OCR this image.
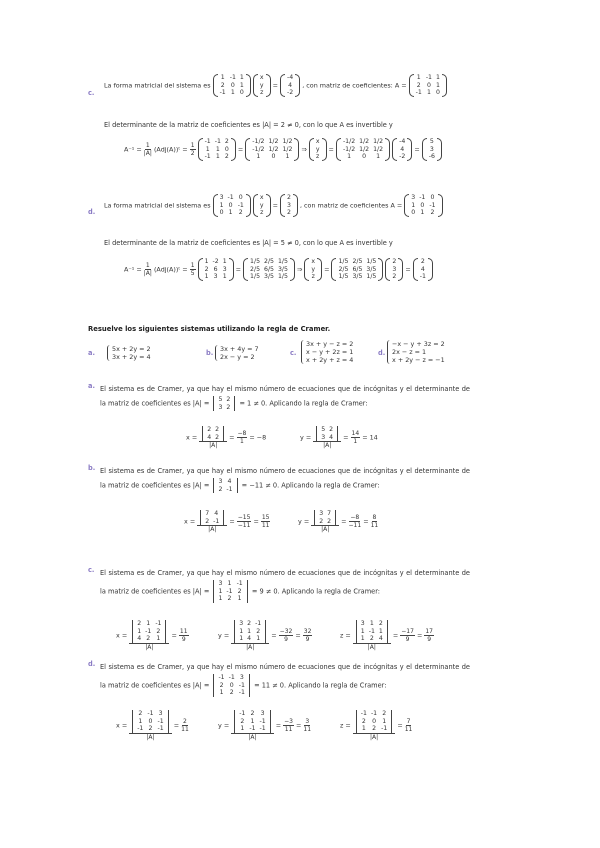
c.
La forma matricial del sistema es
1	-1	1
2	0	1
-1	1	0

x
y
z
=
-4
4
-2
, con matriz de coeficientes: A =
1	-1	1
2	0	1
-1	1	0
El determinante de la matriz de coeficientes es |A| = 2 ≠ 0, con lo que A es invertible y
$A^{-1} = \frac{1}{|A|}$ (Adj(A))ᵗ = $\frac{1}{2}$

-1	-1	2
1	1	0
-1	1	2
=
-1/2	1/2	1/2
-1/2	1/2	1/2
1	0	1
⇒
x
y
z
=
-1/2	1/2	1/2
-1/2	1/2	1/2
1	0	1

-4
4
-2
=
5
3
-6
d.
La forma matricial del sistema es
3	-1	0
1	0	-1
0	1	2

x
y
z
=
2
3
2
, con matriz de coeficientes A =
3	-1	0
1	0	-1
0	1	2
El determinante de la matriz de coeficientes es |A| = 5 ≠ 0, con lo que A es invertible y
$A^{-1} = \frac{1}{|A|}$ (Adj(A))ᵗ = $\frac{1}{5}$

1	-2	1
2	6	3
1	3	1
=
1/5	2/5	1/5
2/5	6/5	3/5
1/5	3/5	1/5
⇒
x
y
z
=
1/5	2/5	1/5
2/5	6/5	3/5
1/5	3/5	1/5

2
3
2
=
2
4
-1
Resuelve los siguientes sistemas utilizando la regla de Cramer.
a.	5x + 2y = 2
3x + 2y = 4	b. 3x + 4y = 7
2x − y = 2	c.
3x + y − z = 2
x − y + 2z = 1
x + 2y + z = 4
d.
−x − y + 3z = 2
2x − z = 1
x + 2y − z = −1
a. El sistema es de Cramer, ya que hay el mismo número de ecuaciones que de incógnitas y el determinante de la matriz de coeficientes es |A| = 5	2
3	2 = 1 ≠ 0. Aplicando la regla de Cramer:
x = 2	2
4	2
$|A| = \frac{-8}{1} = -8$	y = 5	2
3	4
$|A| = \frac{14}{1} = 14$
b. El sistema es de Cramer, ya que hay el mismo número de ecuaciones que de incógnitas y el determinante de la matriz de coeficientes es |A| = 3	4
2	-1 = −11 ≠ 0. Aplicando la regla de Cramer:
x = 7	4
2	-1
$|A| = \frac{-15}{-11} = \frac{15}{11}$	y = 3	7
2	2
$|A| = \frac{-8}{-11} = \frac{8}{11}$
c. El sistema es de Cramer, ya que hay el mismo número de ecuaciones que de incógnitas y el determinante de la matriz de coeficientes es |A| =
3	1	-1
1	-1	2
1	2	1
= 9 ≠ 0. Aplicando la regla de Cramer:
x = 2	1	-1
1	-1	2
4	2	1
$|A| = \frac{11}{9}$	y = 3	2	-1
1	1	2
1	4	1
$|A| = \frac{-32}{9} = \frac{32}{9}$	z = 3	1	2
1	-1	1
1	2	4
$|A| = \frac{-17}{9} = \frac{17}{9}$
d. El sistema es de Cramer, ya que hay el mismo número de ecuaciones que de incógnitas y el determinante de la matriz de coeficientes es |A| =
-1	-1	3
2	0	-1
1	2	-1
= 11 ≠ 0. Aplicando la regla de Cramer:
x = 2	-1	3
1	0	-1
-1	2	-1
$|A| = \frac{2}{11}$	y = -1	2	3
2	1	-1
1	-1	-1
$|A| = \frac{-3}{11} = \frac{3}{11}$	z = -1	-1	2
2	0	1
1	2	-1
$|A| = \frac{7}{11}$
